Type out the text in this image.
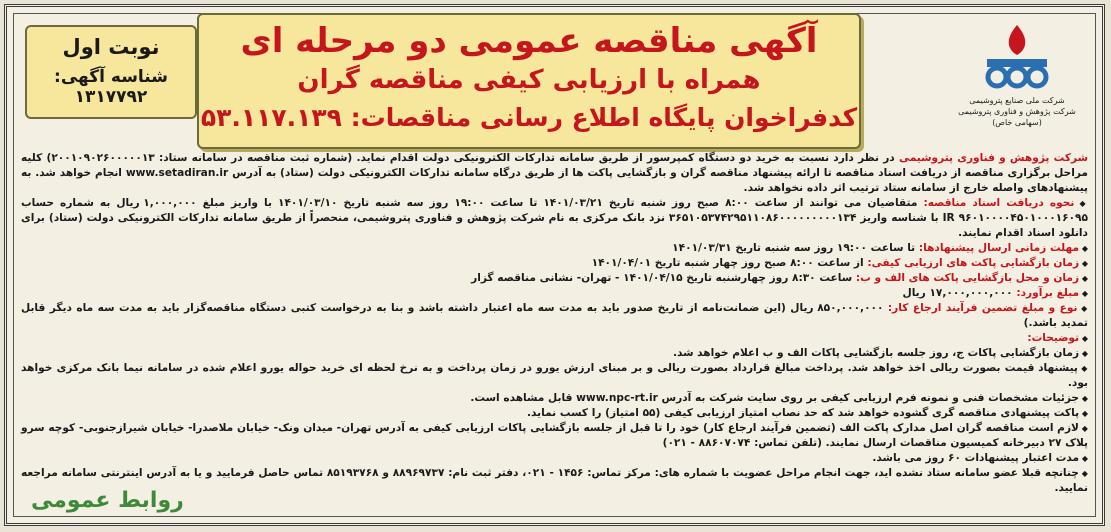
نوبت اول
شناسه آگهی: ۱۳۱۷۷۹۲
آگهی مناقصه عمومی دو مرحله ای
همراه با ارزیابی کیفی مناقصه گران
کدفراخوان پایگاه اطلاع رسانی مناقصات: ۵۳.۱۱۷.۱۳۹
شرکت ملی صنایع پتروشیمی
شرکت پژوهش و فناوری پتروشیمی (سهامی خاص)

شرکت پژوهش و فناوری پتروشیمی در نظر دارد نسبت به خرید دو دستگاه کمپرسور از طریق سامانه تدارکات الکترونیکی دولت اقدام نماید. (شماره ثبت مناقصه در سامانه ستاد: ۲۰۰۱۰۹۰۲۶۰۰۰۰۰۱۳) کلیه مراحل برگزاری مناقصه از دریافت اسناد مناقصه تا ارائه پیشنهاد مناقصه گران و بازگشایی پاکت ها از طریق درگاه سامانه تدارکات الکترونیکی دولت (ستاد) به آدرس www.setadiran.ir انجام خواهد شد. به پیشنهادهای واصله خارج از سامانه ستاد ترتیب اثر داده نخواهد شد.

◆ نحوه دریافت اسناد مناقصه: متقاضیان می توانند از ساعت ۸:۰۰ صبح روز شنبه تاریخ ۱۴۰۱/۰۳/۲۱ تا ساعت ۱۹:۰۰ روز سه شنبه تاریخ ۱۴۰۱/۰۳/۱۰ با واریز مبلغ ۱,۰۰۰,۰۰۰ ریال به شماره حساب ۹۶۰۱۰۰۰۰۴۵۰۱۰۰۰۱۶۰۹۵ IR با شناسه واریز ۳۶۵۱۰۵۳۷۴۲۹۵۱۱۰۸۶۰۰۰۰۰۰۰۰۰۱۳۴ نزد بانک مرکزی به نام شرکت پژوهش و فناوری پتروشیمی، منحصراً از طریق سامانه تدارکات الکترونیکی دولت (ستاد) برای دانلود اسناد اقدام نمایند.

◆ مهلت زمانی ارسال پیشنهادها: تا ساعت ۱۹:۰۰ روز سه شنبه تاریخ ۱۴۰۱/۰۳/۳۱

◆ زمان بازگشایی پاکت های ارزیابی کیفی: از ساعت ۸:۰۰ صبح روز چهار شنبه تاریخ ۱۴۰۱/۰۴/۰۱

◆ زمان و محل بازگشایی پاکت های الف و ب: ساعت ۸:۳۰ روز چهارشنبه تاریخ ۱۴۰۱/۰۴/۱۵ - تهران- نشانی مناقصه گزار

◆ مبلغ برآورد: ۱۷,۰۰۰,۰۰۰,۰۰۰ ریال

◆ نوع و مبلغ تضمین فرآیند ارجاع کار: ۸۵۰,۰۰۰,۰۰۰ ریال (این ضمانت‌نامه از تاریخ صدور باید به مدت سه ماه اعتبار داشته باشد و بنا به درخواست کتبی دستگاه مناقصه‌گزار باید به مدت سه ماه دیگر قابل تمدید باشد.)

◆ توضیحات:

◆ زمان بازگشایی پاکات ج، روز جلسه بازگشایی پاکات الف و ب اعلام خواهد شد.

◆ پیشنهاد قیمت بصورت ریالی اخذ خواهد شد. پرداخت مبالغ قرارداد بصورت ریالی و بر مبنای ارزش یورو در زمان پرداخت و به نرخ لحظه ای خرید حواله یورو اعلام شده در سامانه نیما بانک مرکزی خواهد بود.

◆ جزئیات مشخصات فنی و نمونه فرم ارزیابی کیفی بر روی سایت شرکت به آدرس www.npc-rt.ir قابل مشاهده است.

◆ پاکت پیشنهادی مناقصه گری گشوده خواهد شد که حد نصاب امتیاز ارزیابی کیفی (۵۵ امتیاز) را کسب نماید.

◆ لازم است مناقصه گران اصل مدارک پاکت الف (تضمین فرآیند ارجاع کار) خود را تا قبل از جلسه بازگشایی پاکات ارزیابی کیفی به آدرس تهران- میدان ونک- خیابان ملاصدرا- خیابان شیرازجنوبی- کوچه سرو پلاک ۲۷ دبیرخانه کمیسیون مناقصات ارسال نمایند. (تلفن تماس: ۸۸۶۰۷۰۷۴ - ۰۲۱)

◆ مدت اعتبار پیشنهادات ۶۰ روز می باشد.

◆ چنانچه قبلا عضو سامانه ستاد نشده اید، جهت انجام مراحل عضویت با شماره های: مرکز تماس: ۱۴۵۶ - ۰۲۱، دفتر ثبت نام: ۸۸۹۶۹۷۳۷ و ۸۵۱۹۳۷۶۸ تماس حاصل فرمایید و یا به آدرس اینترنتی سامانه مراجعه نمایید.

روابط عمومی
